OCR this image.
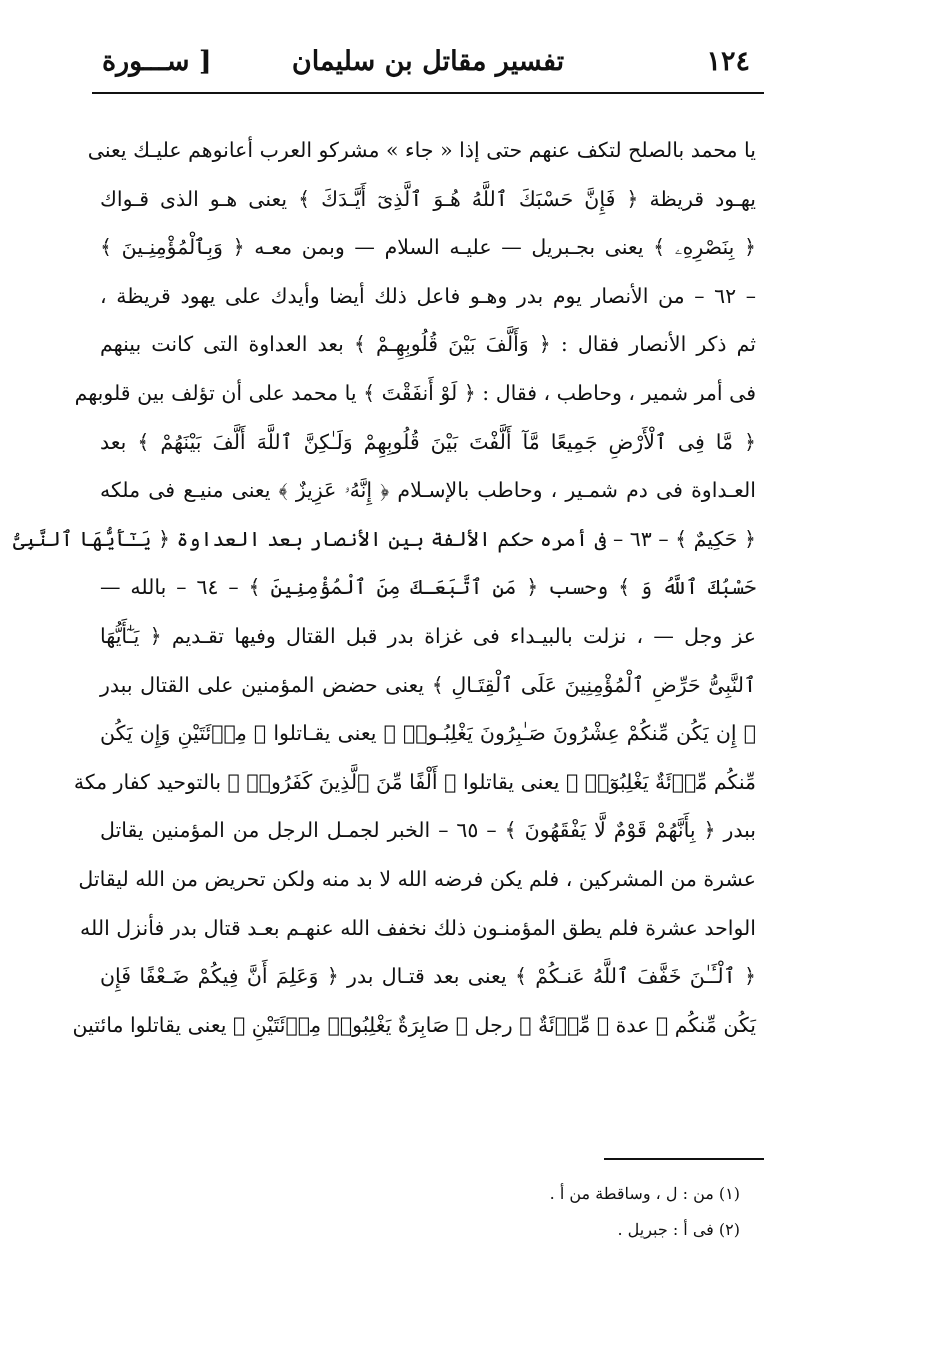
١٢٤
تفسير مقاتل بن سليمان
[ ســـورة
يا محمد بالصلح لتكف عنهم حتى إذا « جاء » مشركو العرب أعانوهم عليـك يعنى
يهـود قريظة ﴿ فَإِنَّ حَسْبَكَ ٱللَّهُ هُـوَ ٱلَّذِىٓ أَيَّـدَكَ ﴾ يعنى هـو الذى قـواك
﴿ بِنَصْرِهِۦ ﴾ يعنى بجـبريل — عليـه السلام — وبمن معـه ﴿ وَبِٱلْمُؤْمِنِـينَ ﴾
– ٦٢ – من الأنصار يوم بدر وهـو فاعل ذلك أيضا وأيدك على يهود قريظة ،
ثم ذكر الأنصار فقال : ﴿ وَأَلَّفَ بَيْنَ قُلُوبِهِـمْ ﴾ بعد العداوة التى كانت بينهم
فى أمر شمير ، وحاطب ، فقال : ﴿ لَوْ أَنفَقْتَ ﴾ يا محمد على أن تؤلف بين قلوبهم
﴿ مَّا فِى ٱلْأَرْضِ جَمِيعًا مَّآ أَلَّفْتَ بَيْنَ قُلُوبِهِمْ وَلَـٰكِنَّ ٱللَّهَ أَلَّفَ بَيْنَهُمْ ﴾ بعد
العـداوة فى دم شمـير ، وحاطب بالإسـلام ﴿ إِنَّهُۥ عَزِيزٌ ﴾ يعنى منيـع فى ملكه
﴿ حَكِيمٌ ﴾ – ٦٣ – فى أمره حكم الألفة بين الأنصار بعد العداوة ﴿ يَـٰٓأَيُّهَا ٱلنَّبِىُّ
حَسْبُكَ ٱللَّهُ وَ ﴾ وحسب ﴿ مَنِ ٱتَّبَعَـكَ مِنَ ٱلْمُؤْمِنِينَ ﴾ – ٦٤ – بالله —
عز وجل — ، نزلت بالبيـداء فى غزاة بدر قبل القتال وفيها تقـديم ﴿ يَـٰٓأَيُّهَا
ٱلنَّبِىُّ حَرِّضِ ٱلْمُؤْمِنِينَ عَلَى ٱلْقِتَـالِ ﴾ يعنى حضض المؤمنين على القتال ببدر
﴿ إِن يَكُن مِّنكُمْ عِشْرُونَ صَـٰبِرُونَ يَغْلِبُـوا۟ ﴾ يعنى يقـاتلوا ﴿ مِا۟ئَتَيْنِ وَإِن يَكُن
مِّنكُم مِّا۟ئَةٌ يَغْلِبُوٓا۟ ﴾ يعنى يقاتلوا ﴿ أَلْفًا مِّنَ ٱلَّذِينَ كَفَرُوا۟ ﴾ بالتوحيد كفار مكة
ببدر ﴿ بِأَنَّهُمْ قَوْمٌ لَّا يَفْقَهُونَ ﴾ – ٦٥ – الخبر لجمـل الرجل من المؤمنين يقاتل
عشرة من المشركين ، فلم يكن فرضه الله لا بد منه ولكن تحريض من الله ليقاتل
الواحد عشرة فلم يطق المؤمنـون ذلك نخفف الله عنهـم بعـد قتال بدر فأنزل الله
﴿ ٱلْـَٔـٰنَ خَفَّفَ ٱللَّهُ عَنـكُمْ ﴾ يعنى بعد قتـال بدر ﴿ وَعَلِمَ أَنَّ فِيكُمْ ضَـعْفًا فَإِن
يَكُن مِّنكُم ﴾ عدة ﴿ مِّا۟ئَةٌ ﴾ رجل ﴿ صَابِرَةٌ يَغْلِبُوا۟ مِا۟ئَتَيْنِ ﴾ يعنى يقاتلوا مائتين
(١) من : ل ، وساقطة من أ .
(٢) فى أ : جبريل .
